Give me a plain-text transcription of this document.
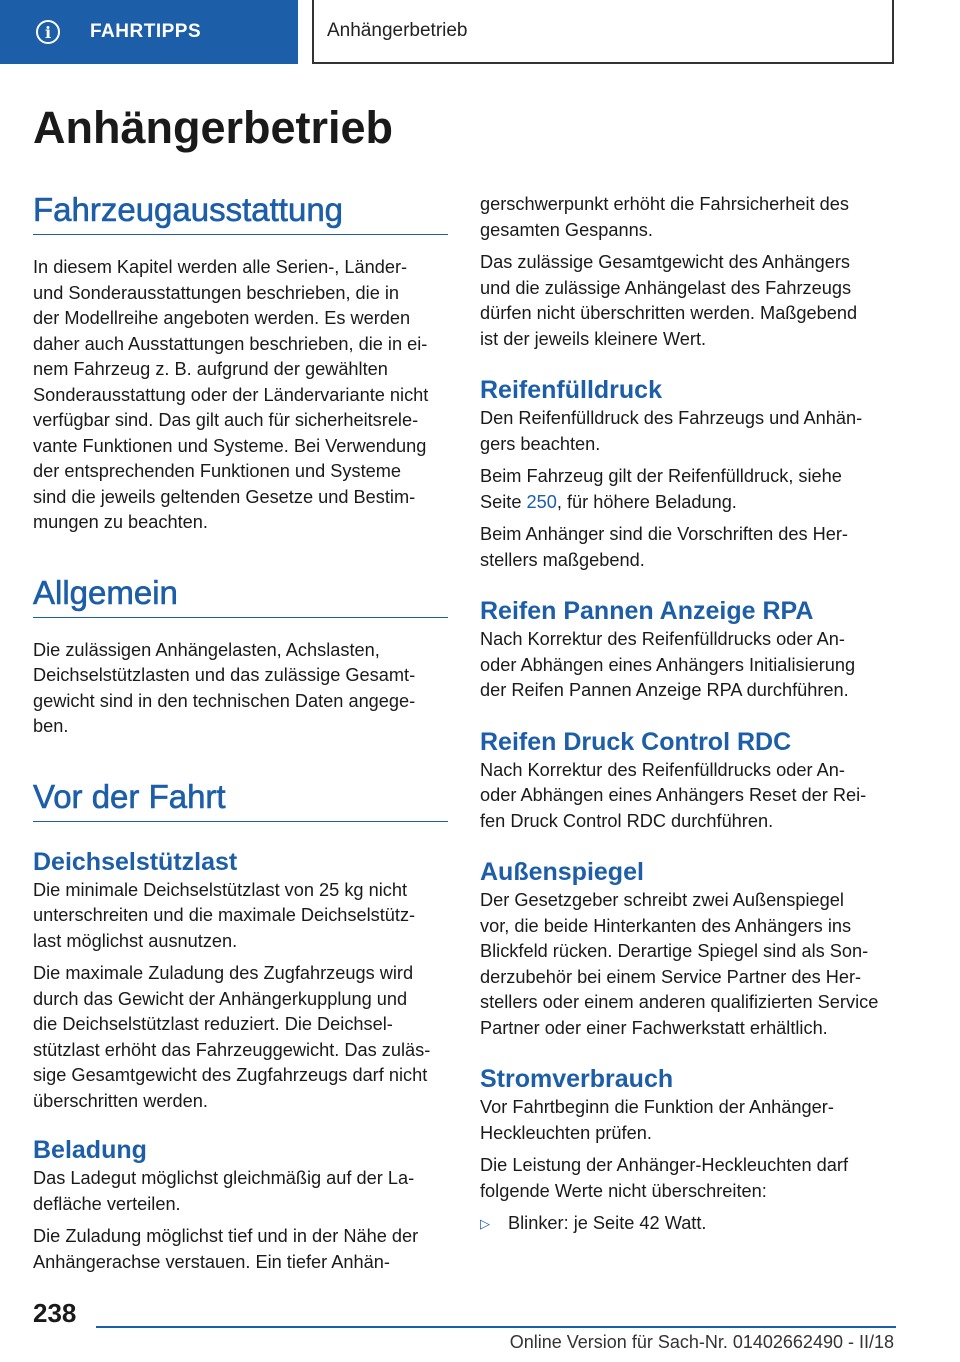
i	FAHRTIPPS	Anhängerbetrieb
Anhängerbetrieb
Fahrzeugausstattung

In diesem Kapitel werden alle Serien-, Länder-
und Sonderausstattungen beschrieben, die in
der Modellreihe angeboten werden. Es werden
daher auch Ausstattungen beschrieben, die in ei-
nem Fahrzeug z. B. aufgrund der gewählten
Sonderausstattung oder der Ländervariante nicht
verfügbar sind. Das gilt auch für sicherheitsrele-
vante Funktionen und Systeme. Bei Verwendung
der entsprechenden Funktionen und Systeme
sind die jeweils geltenden Gesetze und Bestim-
mungen zu beachten.

Allgemein

Die zulässigen Anhängelasten, Achslasten,
Deichselstützlasten und das zulässige Gesamt-
gewicht sind in den technischen Daten angege-
ben.

Vor der Fahrt
Deichselstützlast

Die minimale Deichselstützlast von 25 kg nicht
unterschreiten und die maximale Deichselstütz-
last möglichst ausnutzen.

Die maximale Zuladung des Zugfahrzeugs wird
durch das Gewicht der Anhängerkupplung und
die Deichselstützlast reduziert. Die Deichsel-
stützlast erhöht das Fahrzeuggewicht. Das zuläs-
sige Gesamtgewicht des Zugfahrzeugs darf nicht
überschritten werden.

Beladung

Das Ladegut möglichst gleichmäßig auf der La-
defläche verteilen.

Die Zuladung möglichst tief und in der Nähe der
Anhängerachse verstauen. Ein tiefer Anhän-

gerschwerpunkt erhöht die Fahrsicherheit des
gesamten Gespanns.

Das zulässige Gesamtgewicht des Anhängers
und die zulässige Anhängelast des Fahrzeugs
dürfen nicht überschritten werden. Maßgebend
ist der jeweils kleinere Wert.

Reifenfülldruck

Den Reifenfülldruck des Fahrzeugs und Anhän-
gers beachten.

Beim Fahrzeug gilt der Reifenfülldruck, siehe
Seite 250, für höhere Beladung.

Beim Anhänger sind die Vorschriften des Her-
stellers maßgebend.

Reifen Pannen Anzeige RPA

Nach Korrektur des Reifenfülldrucks oder An-
oder Abhängen eines Anhängers Initialisierung
der Reifen Pannen Anzeige RPA durchführen.

Reifen Druck Control RDC

Nach Korrektur des Reifenfülldrucks oder An-
oder Abhängen eines Anhängers Reset der Rei-
fen Druck Control RDC durchführen.

Außenspiegel

Der Gesetzgeber schreibt zwei Außenspiegel
vor, die beide Hinterkanten des Anhängers ins
Blickfeld rücken. Derartige Spiegel sind als Son-
derzubehör bei einem Service Partner des Her-
stellers oder einem anderen qualifizierten Service
Partner oder einer Fachwerkstatt erhältlich.

Stromverbrauch

Vor Fahrtbeginn die Funktion der Anhänger-
Heckleuchten prüfen.

Die Leistung der Anhänger-Heckleuchten darf
folgende Werte nicht überschreiten:

▷ Blinker: je Seite 42 Watt.
238
Online Version für Sach-Nr. 01402662490 - II/18
